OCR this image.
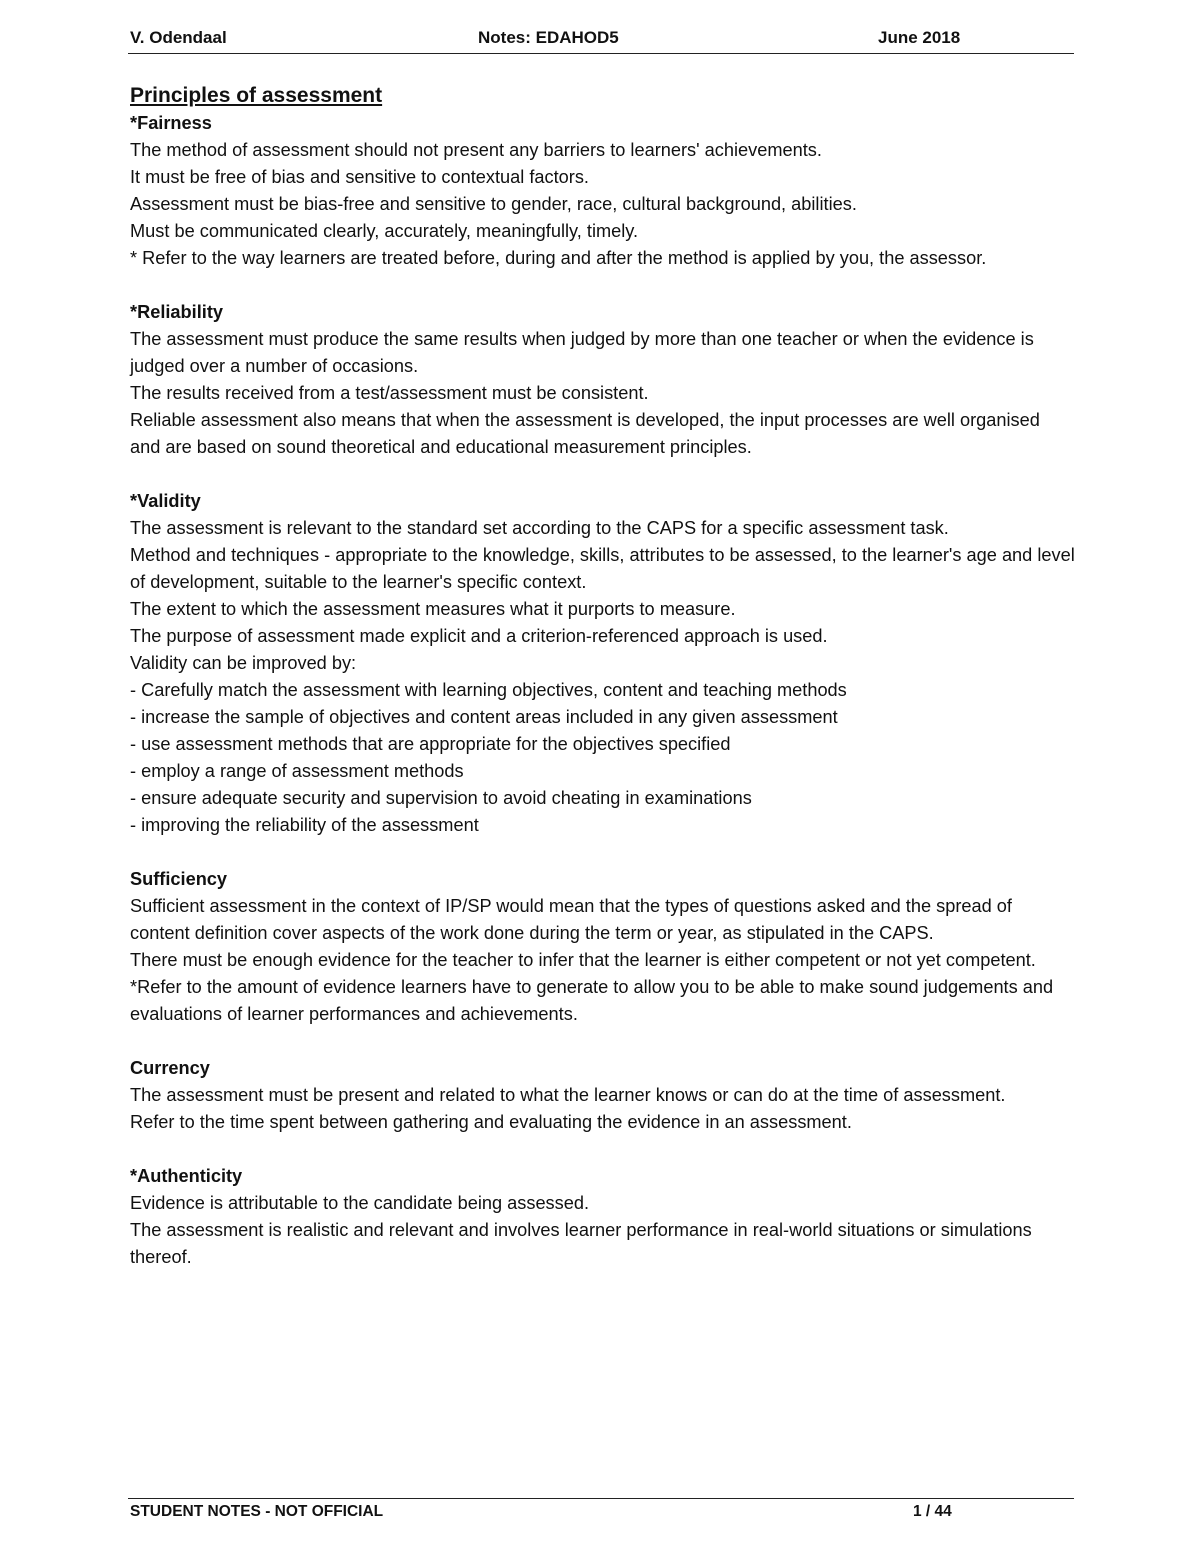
V. Odendaal	Notes: EDAHOD5	June 2018
Principles of assessment
*Fairness
The method of assessment should not present any barriers to learners' achievements.
It must be free of bias and sensitive to contextual factors.
Assessment must be bias-free and sensitive to gender, race, cultural background, abilities.
Must be communicated clearly, accurately, meaningfully, timely.
* Refer to the way learners are treated before, during and after the method is applied by you, the assessor.
*Reliability
The assessment must produce the same results when judged by more than one teacher or when the evidence is judged over a number of occasions.
The results received from a test/assessment must be consistent.
Reliable assessment also means that when the assessment is developed, the input processes are well organised and are based on sound theoretical and educational measurement principles.
*Validity
The assessment is relevant to the standard set according to the CAPS for a specific assessment task.
Method and techniques - appropriate to the knowledge, skills, attributes to be assessed, to the learner's age and level of development, suitable to the learner's specific context.
The extent to which the assessment measures what it purports to measure.
The purpose of assessment made explicit and a criterion-referenced approach is used.
Validity can be improved by:
- Carefully match the assessment with learning objectives, content and teaching methods
- increase the sample of objectives and content areas included in any given assessment
- use assessment methods that are appropriate for the objectives specified
- employ a range of assessment methods
- ensure adequate security and supervision to avoid cheating in examinations
- improving the reliability of the assessment
Sufficiency
Sufficient assessment in the context of IP/SP would mean that the types of questions asked and the spread of content definition cover aspects of the work done during the term or year, as stipulated in the CAPS.
There must be enough evidence for the teacher to infer that the learner is either competent or not yet competent.
*Refer to the amount of evidence learners have to generate to allow you to be able to make sound judgements and evaluations of learner performances and achievements.
Currency
The assessment must be present and related to what the learner knows or can do at the time of assessment.
Refer to the time spent between gathering and evaluating the evidence in an assessment.
*Authenticity
Evidence is attributable to the candidate being assessed.
The assessment is realistic and relevant and involves learner performance in real-world situations or simulations thereof.
STUDENT NOTES - NOT OFFICIAL	1 / 44
